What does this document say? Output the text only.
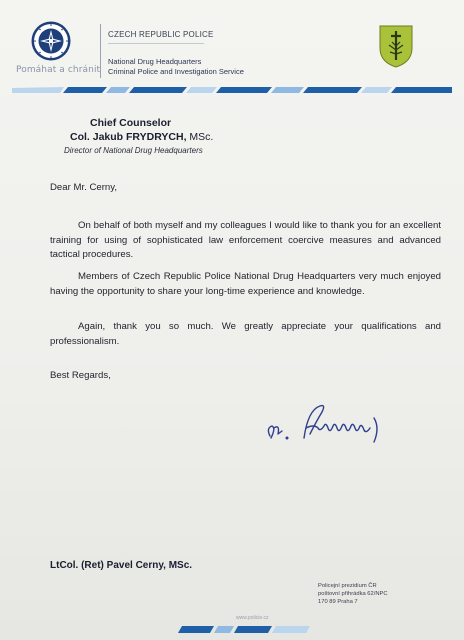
Pomáhat a chránit
CZECH REPUBLIC POLICE
National Drug Headquarters
Criminal Police and Investigation Service
Chief Counselor
Col. Jakub FRYDRYCH, MSc.
Director of National Drug Headquarters
Dear Mr. Cerny,
On behalf of both myself and my colleagues I would like to thank you for an excellent training for using of sophisticated law enforcement coercive measures and advanced tactical procedures.
Members of Czech Republic Police National Drug Headquarters very much enjoyed having the opportunity to share your long-time experience and knowledge.
Again, thank you so much. We greatly appreciate your qualifications and professionalism.
Best Regards,
LtCol. (Ret) Pavel Cerny, MSc.
Policejní prezidium ČR
poštovní přihrádka 62/NPC
170 89 Praha 7
www.policie.cz
